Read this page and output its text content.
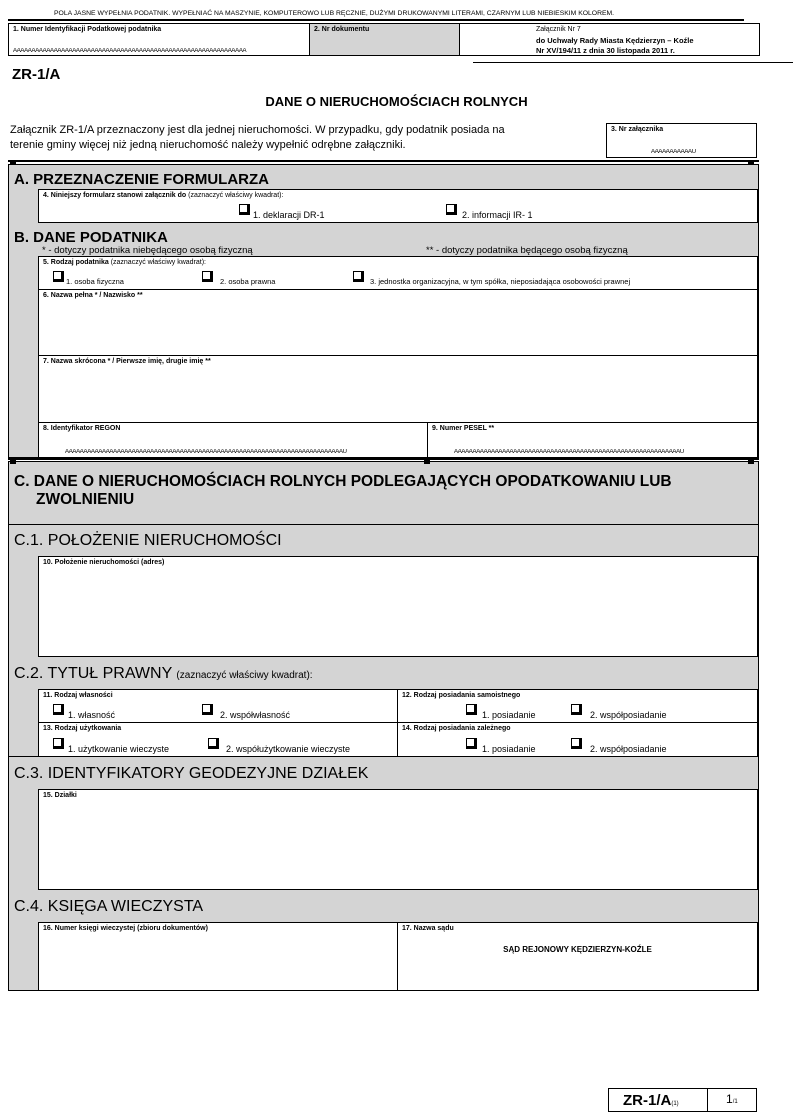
POLA JASNE WYPEŁNIA PODATNIK. WYPEŁNIAĆ NA MASZYNIE, KOMPUTEROWO LUB RĘCZNIE, DUŻYMI DRUKOWANYMI LITERAMI, CZARNYM LUB NIEBIESKIM KOLOREM.
1. Numer Identyfikacji Podatkowej podatnika
AAAAAAAAAAAAAAAAAAAAAAAAAAAAAAAAAAAAAAAAAAAAAAAAAAAAAAAAAAAAAAA
2. Nr dokumentu	Załącznik Nr 7
do Uchwały Rady Miasta Kędzierzyn – Koźle
Nr XV/194/11 z dnia 30 listopada 2011 r.
ZR-1/A
DANE O NIERUCHOMOŚCIACH ROLNYCH
Załącznik ZR-1/A przeznaczony jest dla jednej nieruchomości. W przypadku, gdy podatnik posiada na
terenie gminy więcej niż jedną nieruchomość należy wypełnić odrębne załączniki.
3. Nr załącznika
AAAAAAAAAAÂÛ
A. PRZEZNACZENIE FORMULARZA
4. Niniejszy formularz stanowi załącznik do (zaznaczyć właściwy kwadrat):
1. deklaracji DR-1	2. informacji IR- 1
B. DANE PODATNIKA
* - dotyczy podatnika niebędącego osobą fizyczną	** - dotyczy podatnika będącego osobą fizyczną
5. Rodzaj podatnika (zaznaczyć właściwy kwadrat):
1. osoba fizyczna	2. osoba prawna	3. jednostka organizacyjna, w tym spółka, nieposiadająca osobowości prawnej
6. Nazwa pełna * / Nazwisko **
7. Nazwa skrócona * / Pierwsze imię, drugie imię **
8. Identyfikator REGON
ÀÀÀÀÀÀÀÀÀÀÀÀÀÀÀÀÀÀÀÀÀÀÀÀÀÀÀÀÀÀÀÀÀÀÀÀÀÀÀÀÀÀÀÀÀÀÀÀÀÀÀÀÀÀÀÀÀÀÀÀÀÀÀÀÀÀÀÀÀÀÀÀÀÀÀÛ
9. Numer PESEL **
AAAAAAAAAAAAAAAAAAAAAAAAAAAAAAAAAAAAAAAAAAAAAAAAAAAAAAAAAAAAÂÛ
C. DANE O NIERUCHOMOŚCIACH ROLNYCH PODLEGAJĄCYCH OPODATKOWANIU LUB
ZWOLNIENIU
C.1. POŁOŻENIE NIERUCHOMOŚCI
10. Położenie nieruchomości (adres)
C.2. TYTUŁ PRAWNY (zaznaczyć właściwy kwadrat):
11. Rodzaj własności
1. własność	2. współwłasność
12. Rodzaj posiadania samoistnego
1. posiadanie	2. współposiadanie
13. Rodzaj użytkowania
1. użytkowanie wieczyste	2. współużytkowanie wieczyste
14. Rodzaj posiadania zależnego
1. posiadanie	2. współposiadanie
C.3. IDENTYFIKATORY GEODEZYJNE DZIAŁEK
15. Działki
C.4. KSIĘGA WIECZYSTA
16. Numer księgi wieczystej (zbioru dokumentów)	17. Nazwa sądu
SĄD REJONOWY KĘDZIERZYN-KOŹLE
ZR-1/A(1)	1/1
